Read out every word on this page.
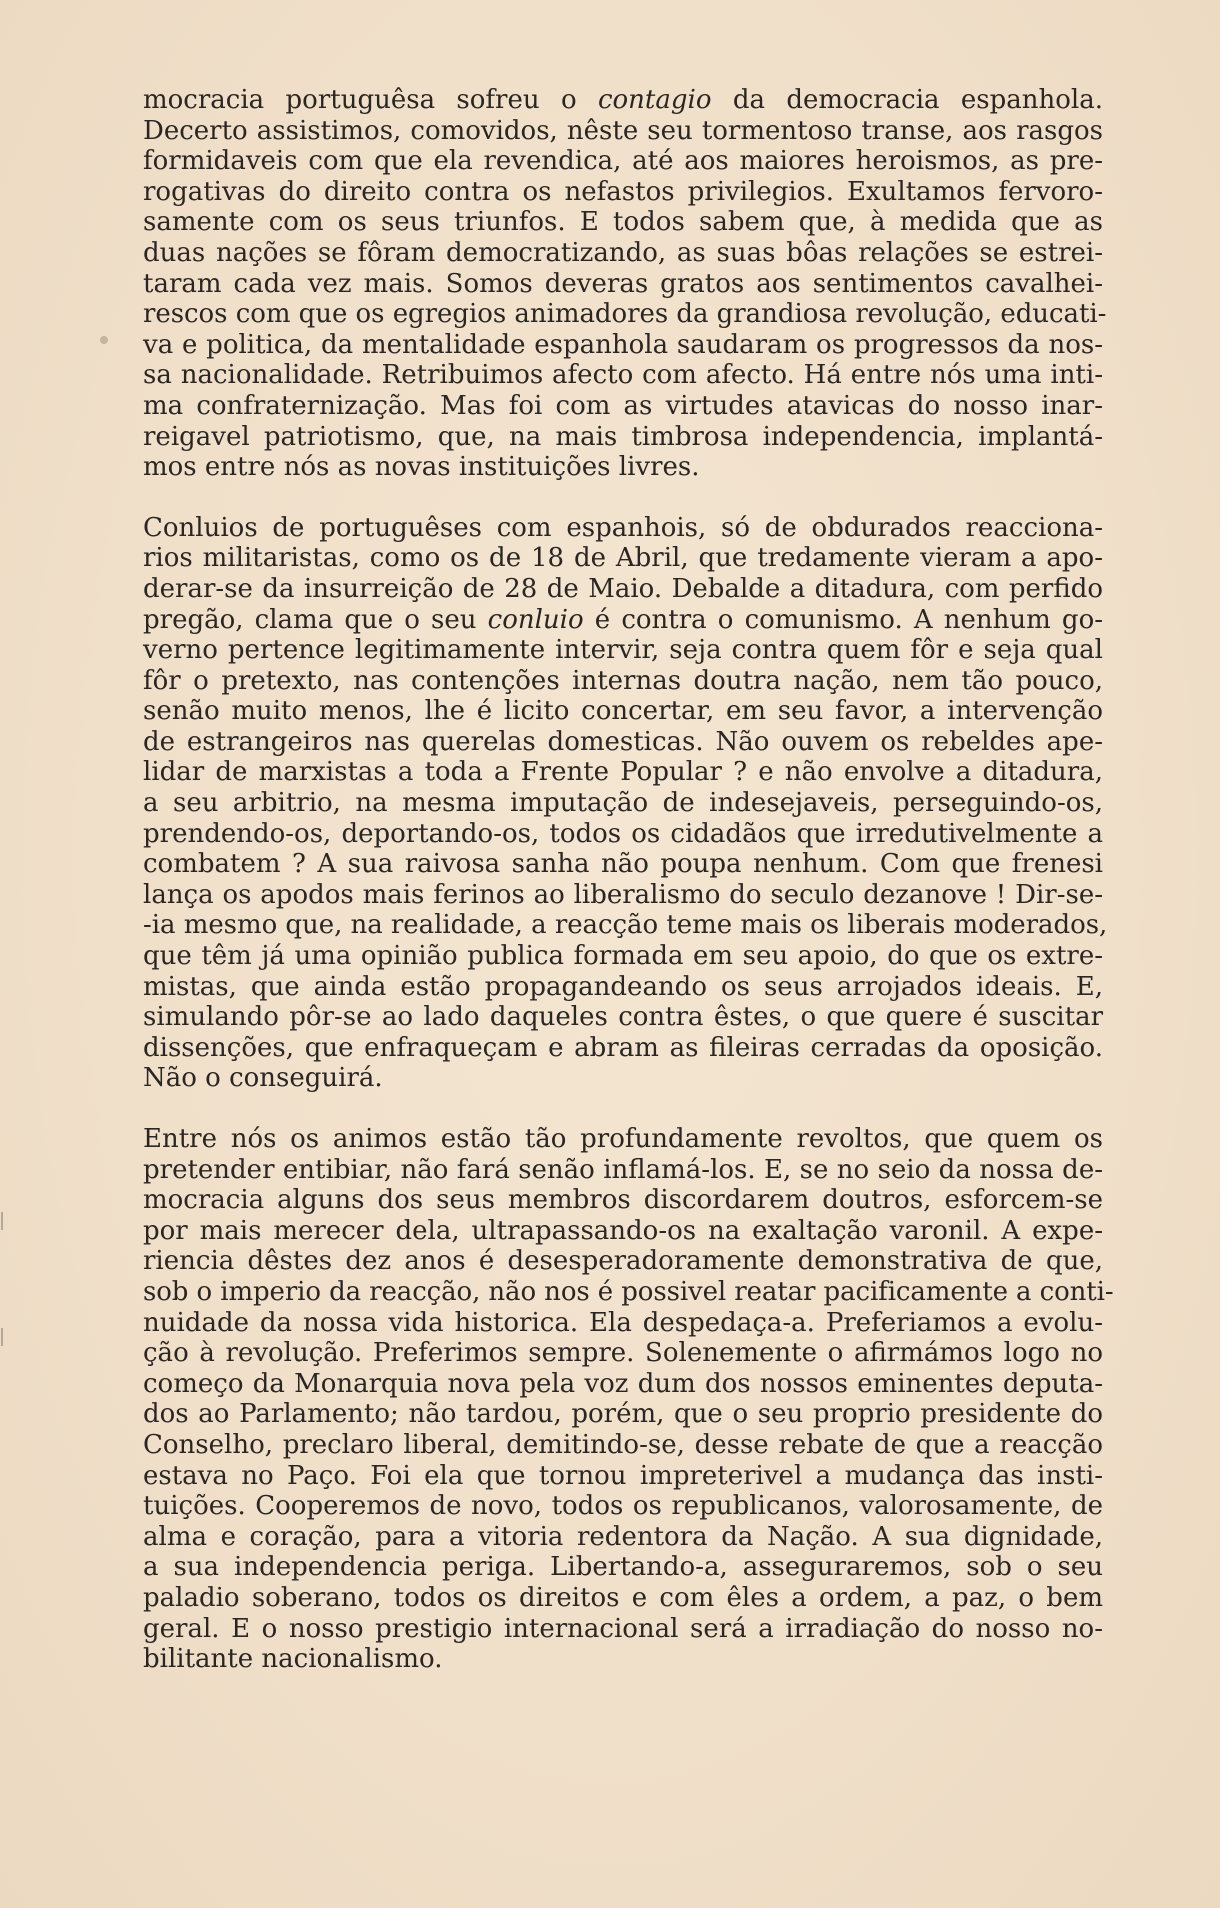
mocracia portuguêsa sofreu o contagio da democracia espanhola.
Decerto assistimos, comovidos, nêste seu tormentoso transe, aos rasgos
formidaveis com que ela revendica, até aos maiores heroismos, as pre-
rogativas do direito contra os nefastos privilegios. Exultamos fervoro-
samente com os seus triunfos. E todos sabem que, à medida que as
duas nações se fôram democratizando, as suas bôas relações se estrei-
taram cada vez mais. Somos deveras gratos aos sentimentos cavalhei-
rescos com que os egregios animadores da grandiosa revolução, educati-
va e politica, da mentalidade espanhola saudaram os progressos da nos-
sa nacionalidade. Retribuimos afecto com afecto. Há entre nós uma inti-
ma confraternização. Mas foi com as virtudes atavicas do nosso inar-
reigavel patriotismo, que, na mais timbrosa independencia, implantá-
mos entre nós as novas instituições livres.
Conluios de portuguêses com espanhois, só de obdurados reacciona-
rios militaristas, como os de 18 de Abril, que tredamente vieram a apo-
derar-se da insurreição de 28 de Maio. Debalde a ditadura, com perfido
pregão, clama que o seu conluio é contra o comunismo. A nenhum go-
verno pertence legitimamente intervir, seja contra quem fôr e seja qual
fôr o pretexto, nas contenções internas doutra nação, nem tão pouco,
senão muito menos, lhe é licito concertar, em seu favor, a intervenção
de estrangeiros nas querelas domesticas. Não ouvem os rebeldes ape-
lidar de marxistas a toda a Frente Popular ? e não envolve a ditadura,
a seu arbitrio, na mesma imputação de indesejaveis, perseguindo-os,
prendendo-os, deportando-os, todos os cidadãos que irredutivelmente a
combatem ? A sua raivosa sanha não poupa nenhum. Com que frenesi
lança os apodos mais ferinos ao liberalismo do seculo dezanove ! Dir-se-
-ia mesmo que, na realidade, a reacção teme mais os liberais moderados,
que têm já uma opinião publica formada em seu apoio, do que os extre-
mistas, que ainda estão propagandeando os seus arrojados ideais. E,
simulando pôr-se ao lado daqueles contra êstes, o que quere é suscitar
dissenções, que enfraqueçam e abram as fileiras cerradas da oposição.
Não o conseguirá.
Entre nós os animos estão tão profundamente revoltos, que quem os
pretender entibiar, não fará senão inflamá-los. E, se no seio da nossa de-
mocracia alguns dos seus membros discordarem doutros, esforcem-se
por mais merecer dela, ultrapassando-os na exaltação varonil. A expe-
riencia dêstes dez anos é desesperadoramente demonstrativa de que,
sob o imperio da reacção, não nos é possivel reatar pacificamente a conti-
nuidade da nossa vida historica. Ela despedaça-a. Preferiamos a evolu-
ção à revolução. Preferimos sempre. Solenemente o afirmámos logo no
começo da Monarquia nova pela voz dum dos nossos eminentes deputa-
dos ao Parlamento; não tardou, porém, que o seu proprio presidente do
Conselho, preclaro liberal, demitindo-se, desse rebate de que a reacção
estava no Paço. Foi ela que tornou impreterivel a mudança das insti-
tuições. Cooperemos de novo, todos os republicanos, valorosamente, de
alma e coração, para a vitoria redentora da Nação. A sua dignidade,
a sua independencia periga. Libertando-a, asseguraremos, sob o seu
paladio soberano, todos os direitos e com êles a ordem, a paz, o bem
geral. E o nosso prestigio internacional será a irradiação do nosso no-
bilitante nacionalismo.
